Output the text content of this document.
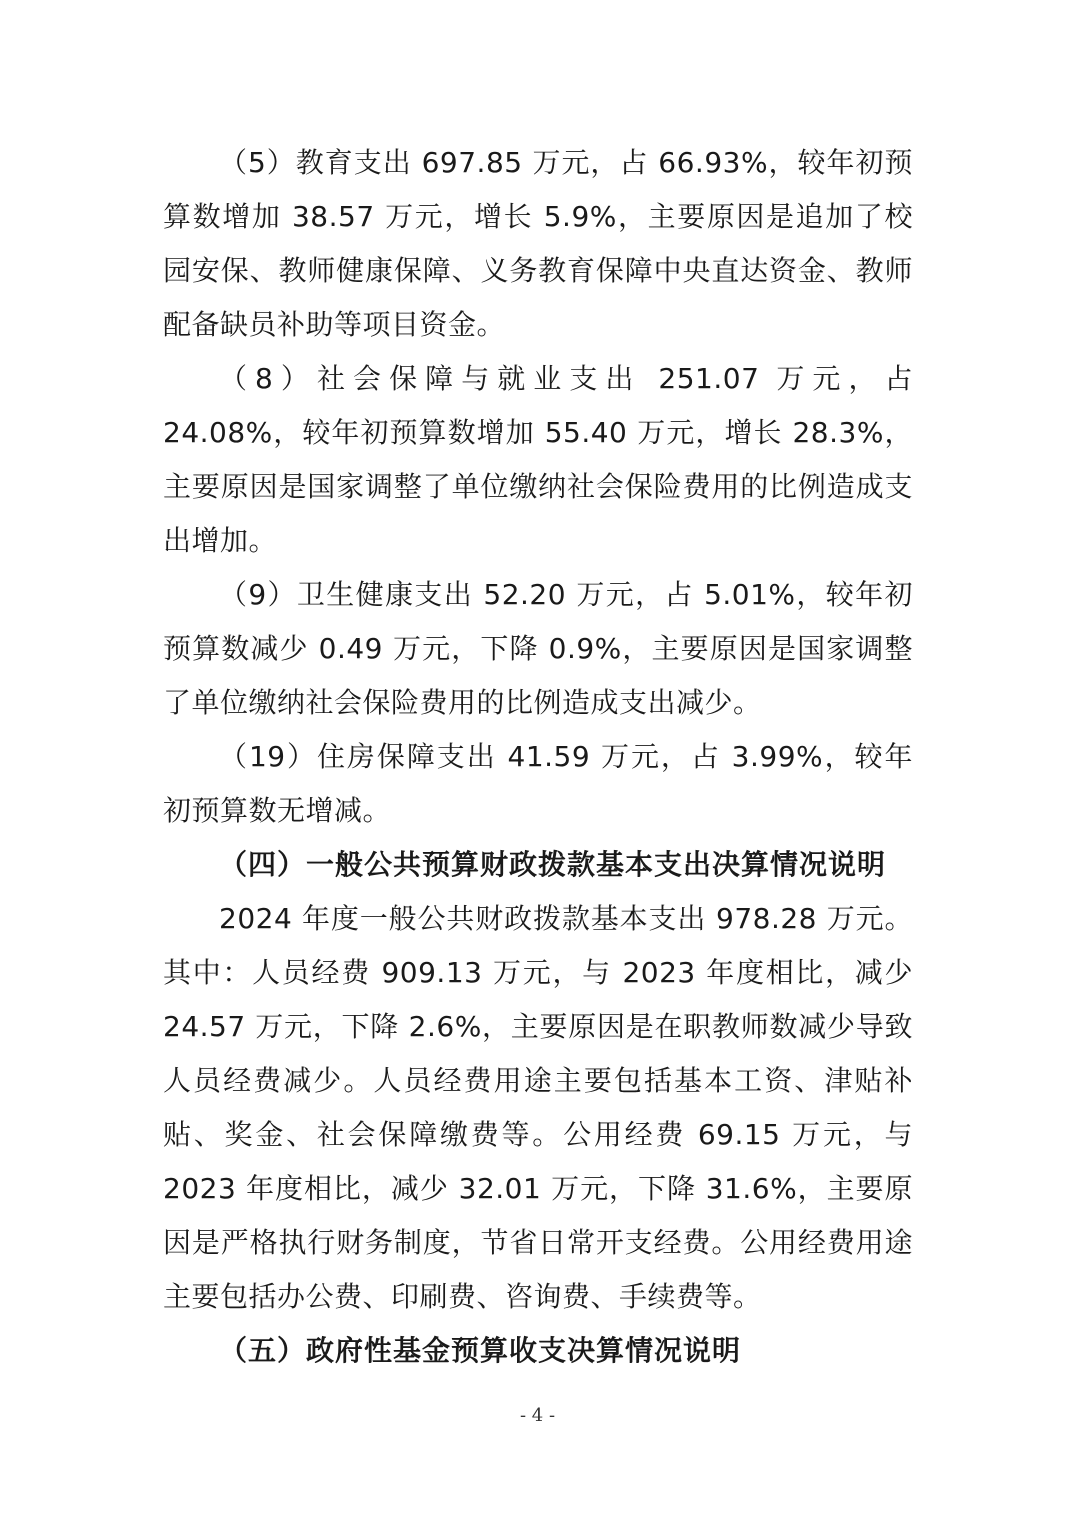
（5）教育支出 697.85 万元，占 66.93%，较年初预算数增加 38.57 万元，增长 5.9%，主要原因是追加了校园安保、教师健康保障、义务教育保障中央直达资金、教师配备缺员补助等项目资金。

（8）社会保障与就业支出 251.07 万元，占 24.08%，较年初预算数增加 55.40 万元，增长 28.3%，主要原因是国家调整了单位缴纳社会保险费用的比例造成支出增加。

（9）卫生健康支出 52.20 万元，占 5.01%，较年初预算数减少 0.49 万元，下降 0.9%，主要原因是国家调整了单位缴纳社会保险费用的比例造成支出减少。

（19）住房保障支出 41.59 万元，占 3.99%，较年初预算数无增减。

（四）一般公共预算财政拨款基本支出决算情况说明

2024 年度一般公共财政拨款基本支出 978.28 万元。其中：人员经费 909.13 万元，与 2023 年度相比，减少 24.57 万元，下降 2.6%，主要原因是在职教师数减少导致人员经费减少。人员经费用途主要包括基本工资、津贴补贴、奖金、社会保障缴费等。公用经费 69.15 万元，与 2023 年度相比，减少 32.01 万元，下降 31.6%，主要原因是严格执行财务制度，节省日常开支经费。公用经费用途主要包括办公费、印刷费、咨询费、手续费等。

（五）政府性基金预算收支决算情况说明

- 4 -
